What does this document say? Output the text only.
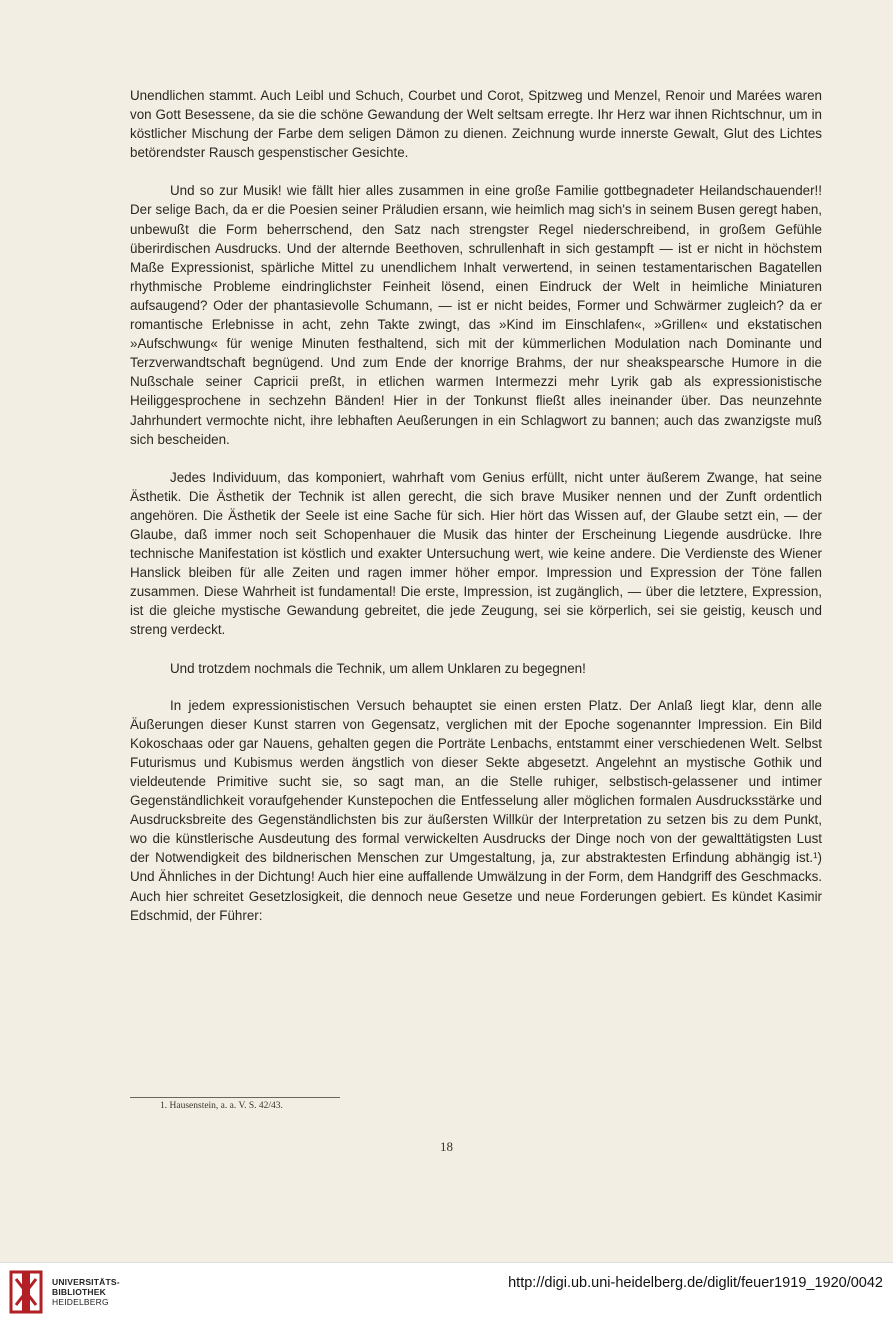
Unendlichen stammt. Auch Leibl und Schuch, Courbet und Corot, Spitzweg und Menzel, Renoir und Marées waren von Gott Besessene, da sie die schöne Gewandung der Welt seltsam erregte. Ihr Herz war ihnen Richtschnur, um in köstlicher Mischung der Farbe dem seligen Dämon zu dienen. Zeichnung wurde innerste Gewalt, Glut des Lichtes betörendster Rausch gespenstischer Gesichte.

Und so zur Musik! wie fällt hier alles zusammen in eine große Familie gottbegnadeter Heilandschauender!! Der selige Bach, da er die Poesien seiner Präludien ersann, wie heimlich mag sich's in seinem Busen geregt haben, unbewußt die Form beherrschend, den Satz nach strengster Regel niederschreibend, in großem Gefühle überirdischen Ausdrucks. Und der alternde Beethoven, schrullenhaft in sich gestampft — ist er nicht in höchstem Maße Expressionist, spärliche Mittel zu unendlichem Inhalt verwertend, in seinen testamentarischen Bagatellen rhythmische Probleme eindringlichster Feinheit lösend, einen Eindruck der Welt in heimliche Miniaturen aufsaugend? Oder der phantasievolle Schumann, — ist er nicht beides, Former und Schwärmer zugleich? da er romantische Erlebnisse in acht, zehn Takte zwingt, das »Kind im Einschlafen«, »Grillen« und ekstatischen »Aufschwung« für wenige Minuten festhaltend, sich mit der kümmerlichen Modulation nach Dominante und Terzverwandtschaft begnügend. Und zum Ende der knorrige Brahms, der nur sheakspearsche Humore in die Nußschale seiner Capricii preßt, in etlichen warmen Intermezzi mehr Lyrik gab als expressionistische Heiliggesprochene in sechzehn Bänden! Hier in der Tonkunst fließt alles ineinander über. Das neunzehnte Jahrhundert vermochte nicht, ihre lebhaften Aeußerungen in ein Schlagwort zu bannen; auch das zwanzigste muß sich bescheiden.

Jedes Individuum, das komponiert, wahrhaft vom Genius erfüllt, nicht unter äußerem Zwange, hat seine Ästhetik. Die Ästhetik der Technik ist allen gerecht, die sich brave Musiker nennen und der Zunft ordentlich angehören. Die Ästhetik der Seele ist eine Sache für sich. Hier hört das Wissen auf, der Glaube setzt ein, — der Glaube, daß immer noch seit Schopenhauer die Musik das hinter der Erscheinung Liegende ausdrücke. Ihre technische Manifestation ist köstlich und exakter Untersuchung wert, wie keine andere. Die Verdienste des Wiener Hanslick bleiben für alle Zeiten und ragen immer höher empor. Impression und Expression der Töne fallen zusammen. Diese Wahrheit ist fundamental! Die erste, Impression, ist zugänglich, — über die letztere, Expression, ist die gleiche mystische Gewandung gebreitet, die jede Zeugung, sei sie körperlich, sei sie geistig, keusch und streng verdeckt.

Und trotzdem nochmals die Technik, um allem Unklaren zu begegnen!

In jedem expressionistischen Versuch behauptet sie einen ersten Platz. Der Anlaß liegt klar, denn alle Äußerungen dieser Kunst starren von Gegensatz, verglichen mit der Epoche sogenannter Impression. Ein Bild Kokoschaas oder gar Nauens, gehalten gegen die Porträte Lenbachs, entstammt einer verschiedenen Welt. Selbst Futurismus und Kubismus werden ängstlich von dieser Sekte abgesetzt. Angelehnt an mystische Gothik und vieldeutende Primitive sucht sie, so sagt man, an die Stelle ruhiger, selbstisch-gelassener und intimer Gegenständlichkeit voraufgehender Kunstepochen die Entfesselung aller möglichen formalen Ausdrucksstärke und Ausdrucksbreite des Gegenständlichsten bis zur äußersten Willkür der Interpretation zu setzen bis zu dem Punkt, wo die künstlerische Ausdeutung des formal verwickelten Ausdrucks der Dinge noch von der gewalttätigsten Lust der Notwendigkeit des bildnerischen Menschen zur Umgestaltung, ja, zur abstraktesten Erfindung abhängig ist.¹) Und Ähnliches in der Dichtung! Auch hier eine auffallende Umwälzung in der Form, dem Handgriff des Geschmacks. Auch hier schreitet Gesetzlosigkeit, die dennoch neue Gesetze und neue Forderungen gebiert. Es kündet Kasimir Edschmid, der Führer:

1. Hausenstein, a. a. V. S. 42/43.
18
UNIVERSITÄTS-
BIBLIOTHEK
HEIDELBERG
http://digi.ub.uni-heidelberg.de/diglit/feuer1919_1920/0042
